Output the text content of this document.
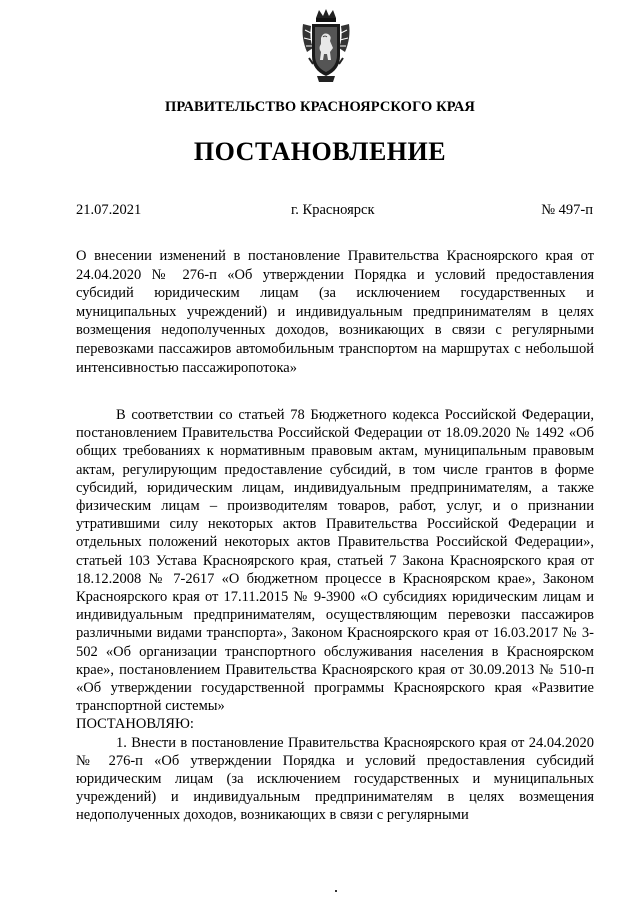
ПРАВИТЕЛЬСТВО КРАСНОЯРСКОГО КРАЯ
ПОСТАНОВЛЕНИЕ
21.07.2021	г. Красноярск	№ 497-п
О внесении изменений в постановление Правительства Красноярского края от 24.04.2020 № 276-п «Об утверждении Порядка и условий предоставления субсидий юридическим лицам (за исключением государственных и муниципальных учреждений) и индивидуальным предпринимателям в целях возмещения недополученных доходов, возникающих в связи с регулярными перевозками пассажиров автомобильным транспортом на маршрутах с небольшой интенсивностью пассажиропотока»

В соответствии со статьей 78 Бюджетного кодекса Российской Федерации, постановлением Правительства Российской Федерации от 18.09.2020 № 1492 «Об общих требованиях к нормативным правовым актам, муниципальным правовым актам, регулирующим предоставление субсидий, в том числе грантов в форме субсидий, юридическим лицам, индивидуальным предпринимателям, а также физическим лицам – производителям товаров, работ, услуг, и о признании утратившими силу некоторых актов Правительства Российской Федерации и отдельных положений некоторых актов Правительства Российской Федерации», статьей 103 Устава Красноярского края, статьей 7 Закона Красноярского края от 18.12.2008 № 7-2617 «О бюджетном процессе в Красноярском крае», Законом Красноярского края от 17.11.2015 № 9-3900 «О субсидиях юридическим лицам и индивидуальным предпринимателям, осуществляющим перевозки пассажиров различными видами транспорта», Законом Красноярского края от 16.03.2017 № 3-502 «Об организации транспортного обслуживания населения в Красноярском крае», постановлением Правительства Красноярского края от 30.09.2013 № 510-п «Об утверждении государственной программы Красноярского края «Развитие транспортной системы»
ПОСТАНОВЛЯЮ:

1. Внести в постановление Правительства Красноярского края от 24.04.2020 № 276-п «Об утверждении Порядка и условий предоставления субсидий юридическим лицам (за исключением государственных и муниципальных учреждений) и индивидуальным предпринимателям в целях возмещения недополученных доходов, возникающих в связи с регулярными
